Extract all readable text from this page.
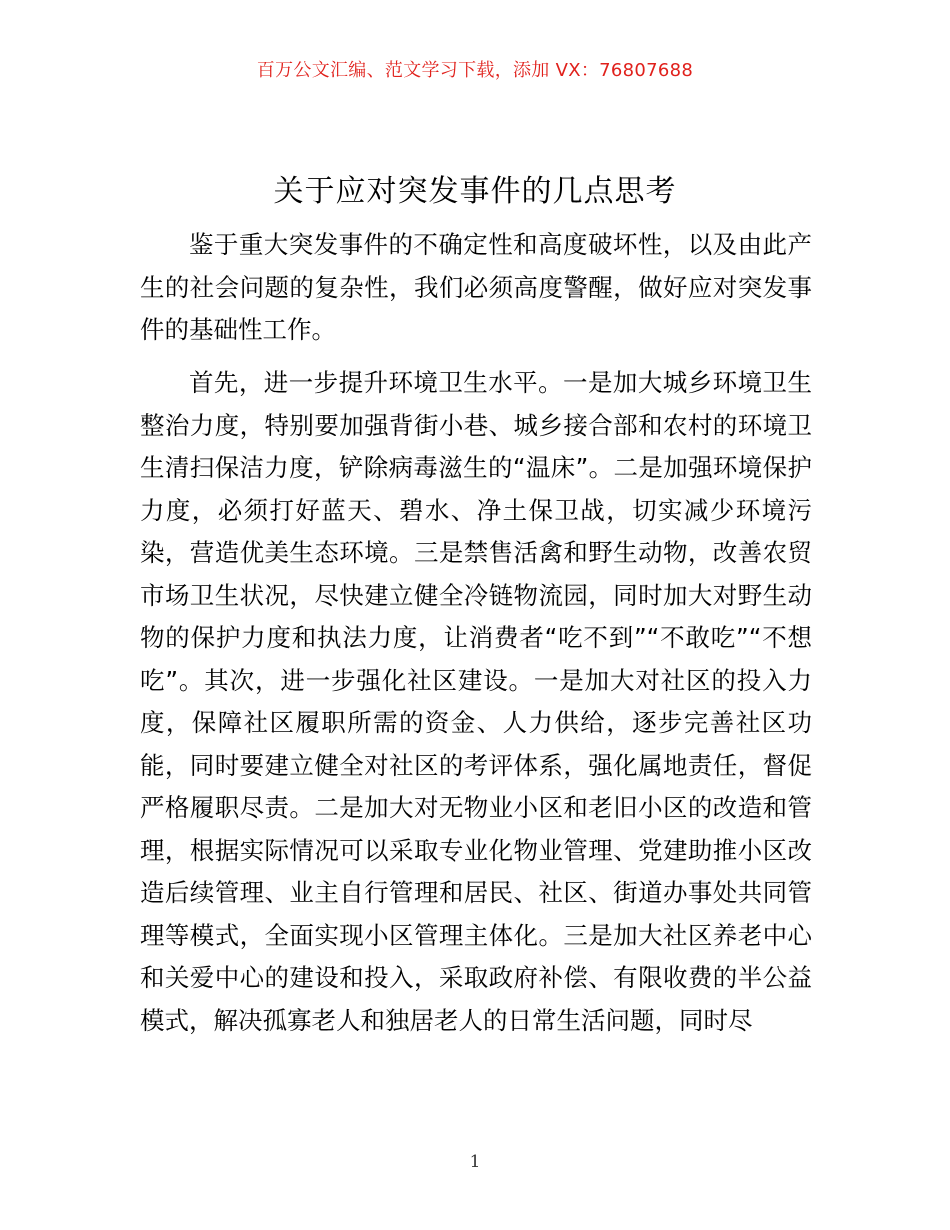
百万公文汇编、范文学习下载，添加 VX：76807688
关于应对突发事件的几点思考

鉴于重大突发事件的不确定性和高度破坏性，以及由此产生的社会问题的复杂性，我们必须高度警醒，做好应对突发事件的基础性工作。

首先，进一步提升环境卫生水平。一是加大城乡环境卫生整治力度，特别要加强背街小巷、城乡接合部和农村的环境卫生清扫保洁力度，铲除病毒滋生的“温床”。二是加强环境保护力度，必须打好蓝天、碧水、净土保卫战，切实减少环境污染，营造优美生态环境。三是禁售活禽和野生动物，改善农贸市场卫生状况，尽快建立健全冷链物流园，同时加大对野生动物的保护力度和执法力度，让消费者“吃不到”“不敢吃”“不想吃”。其次，进一步强化社区建设。一是加大对社区的投入力度，保障社区履职所需的资金、人力供给，逐步完善社区功能，同时要建立健全对社区的考评体系，强化属地责任，督促严格履职尽责。二是加大对无物业小区和老旧小区的改造和管理，根据实际情况可以采取专业化物业管理、党建助推小区改造后续管理、业主自行管理和居民、社区、街道办事处共同管理等模式，全面实现小区管理主体化。三是加大社区养老中心和关爱中心的建设和投入，采取政府补偿、有限收费的半公益模式，解决孤寡老人和独居老人的日常生活问题，同时尽

1
